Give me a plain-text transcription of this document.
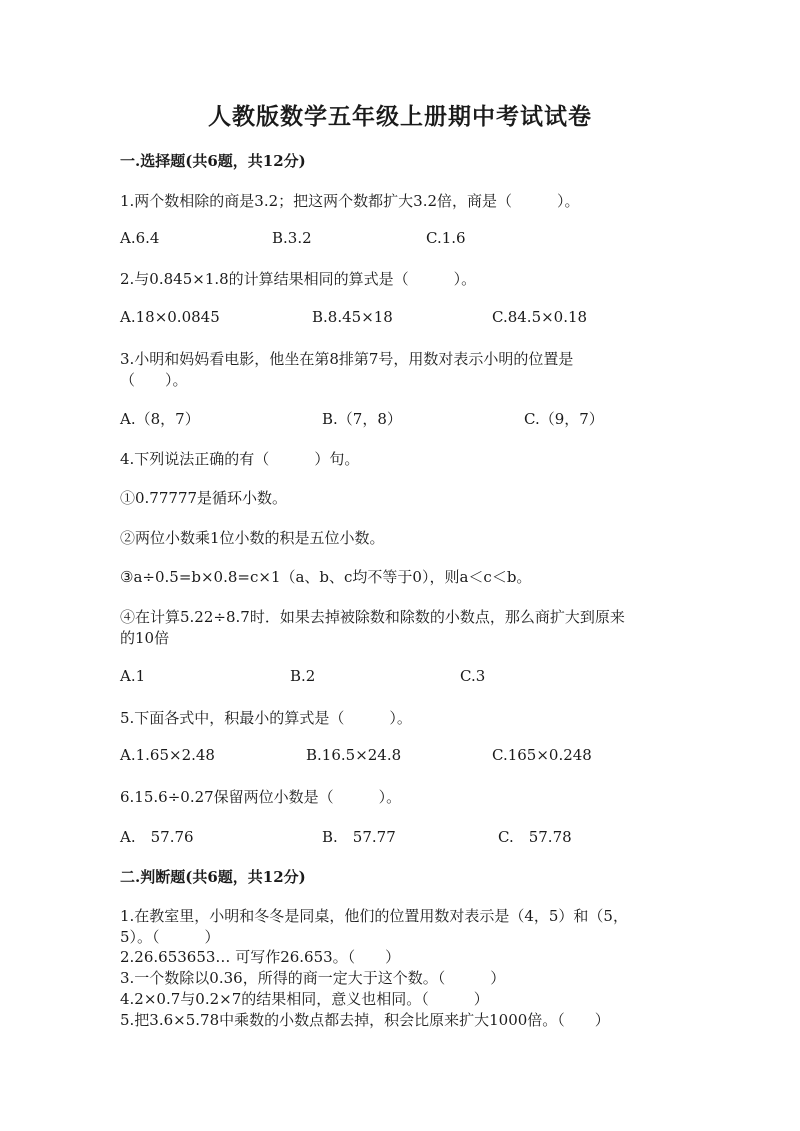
人教版数学五年级上册期中考试试卷
一.选择题(共6题，共12分)
1.两个数相除的商是3.2；把这两个数都扩大3.2倍，商是（　　　）。
A.6.4	B.3.2	C.1.6
2.与0.845×1.8的计算结果相同的算式是（　　　）。
A.18×0.0845	B.8.45×18	C.84.5×0.18
3.小明和妈妈看电影，他坐在第8排第7号，用数对表示小明的位置是
（　　）。
A.（8，7）	B.（7，8）	C.（9，7）
4.下列说法正确的有（　　　）句。
①0.77777是循环小数。
②两位小数乘1位小数的积是五位小数。
③a÷0.5=b×0.8=c×1（a、b、c均不等于0），则a＜c＜b。
④在计算5.22÷8.7时．如果去掉被除数和除数的小数点，那么商扩大到原来
的10倍
A.1	B.2	C.3
5.下面各式中，积最小的算式是（　　　）。
A.1.65×2.48	B.16.5×24.8	C.165×0.248
6.15.6÷0.27保留两位小数是（　　　）。
A.　57.76	B.　57.77	C.　57.78
二.判断题(共6题，共12分)
1.在教室里，小明和冬冬是同桌，他们的位置用数对表示是（4，5）和（5，
5）。（　　　）
2.26.653653… 可写作26.653。（　　）
3.一个数除以0.36，所得的商一定大于这个数。（　　　）
4.2×0.7与0.2×7的结果相同，意义也相同。（　　　）
5.把3.6×5.78中乘数的小数点都去掉，积会比原来扩大1000倍。（　　）
